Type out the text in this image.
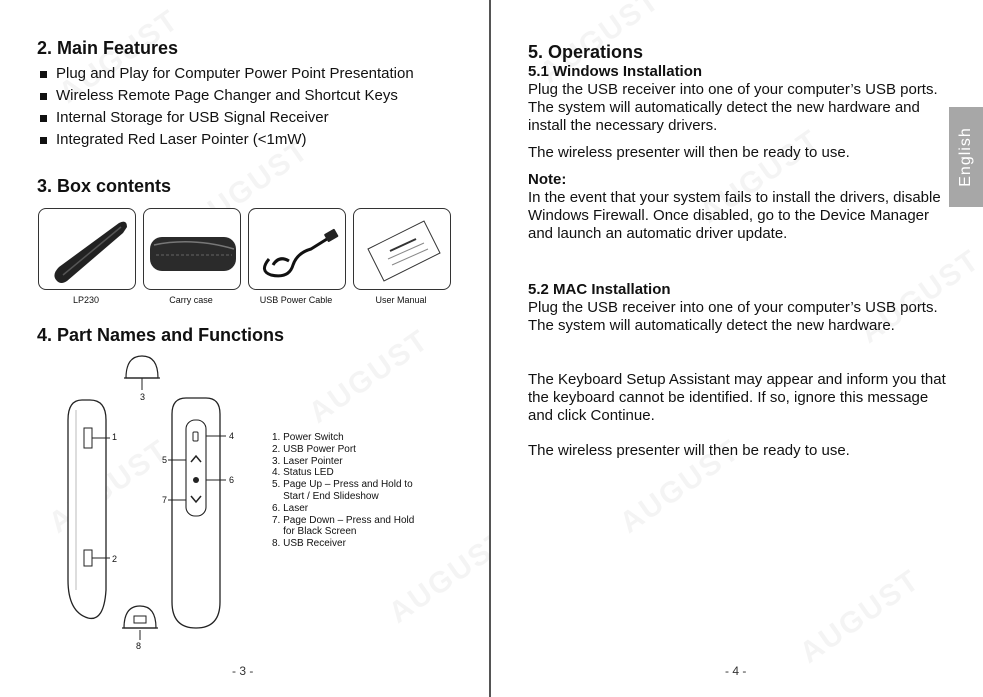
2. Main Features
Plug and Play for Computer Power Point Presentation
Wireless Remote Page Changer and Shortcut Keys
Internal Storage for USB Signal Receiver
Integrated Red Laser Pointer (<1mW)
3. Box contents
LP230	Carry case	USB Power Cable	User Manual
4. Part Names and Functions
3
1
2
4
5
6
7
8
1. Power Switch
2. USB Power Port
3. Laser Pointer
4. Status LED
5. Page Up – Press and Hold to
Start / End Slideshow
6. Laser
7. Page Down – Press and Hold
for Black Screen
8. USB Receiver
- 3 -
5. Operations
5.1 Windows Installation

Plug the USB receiver into one of your computer’s USB ports. The system will automatically detect the new hardware and install the necessary drivers.

The wireless presenter will then be ready to use.

Note:

In the event that your system fails to install the drivers, disable Windows Firewall. Once disabled, go to the Device Manager and launch an automatic driver update.

5.2 MAC Installation

Plug the USB receiver into one of your computer’s USB ports. The system will automatically detect the new hardware.

The Keyboard Setup Assistant may appear and inform you that the keyboard cannot be identified. If so, ignore this message and click Continue.

The wireless presenter will then be ready to use.

English
- 4 -
